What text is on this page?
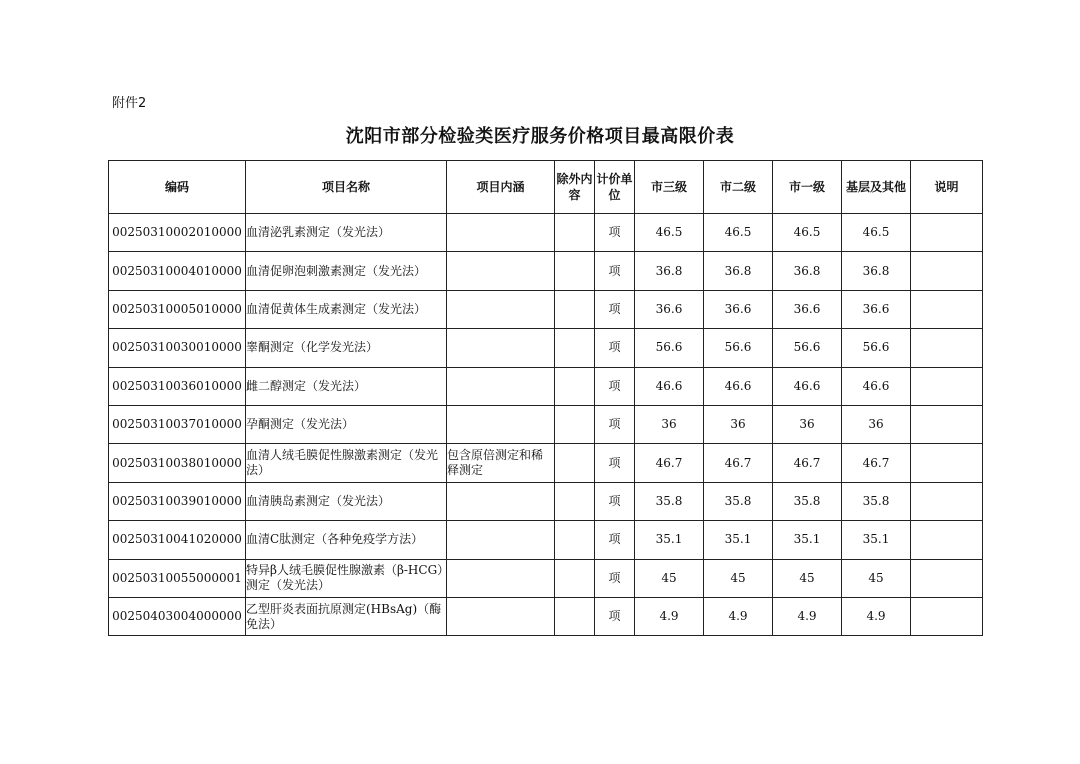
附件2
沈阳市部分检验类医疗服务价格项目最高限价表
编码	项目名称	项目内涵	除外内容	计价单位	市三级	市二级	市一级	基层及其他	说明
00250310002010000	血清泌乳素测定（发光法）			项	46.5	46.5	46.5	46.5	
00250310004010000	血清促卵泡刺激素测定（发光法）			项	36.8	36.8	36.8	36.8	
00250310005010000	血清促黄体生成素测定（发光法）			项	36.6	36.6	36.6	36.6	
00250310030010000	睾酮测定（化学发光法）			项	56.6	56.6	56.6	56.6	
00250310036010000	雌二醇测定（发光法）			项	46.6	46.6	46.6	46.6	
00250310037010000	孕酮测定（发光法）			项	36	36	36	36	
00250310038010000	血清人绒毛膜促性腺激素测定（发光法）	包含原倍测定和稀释测定		项	46.7	46.7	46.7	46.7	
00250310039010000	血清胰岛素测定（发光法）			项	35.8	35.8	35.8	35.8	
00250310041020000	血清C肽测定（各种免疫学方法）			项	35.1	35.1	35.1	35.1	
00250310055000001	特异β人绒毛膜促性腺激素（β-HCG）测定（发光法）			项	45	45	45	45	
00250403004000000	乙型肝炎表面抗原测定(HBsAg)（酶免法）			项	4.9	4.9	4.9	4.9	
